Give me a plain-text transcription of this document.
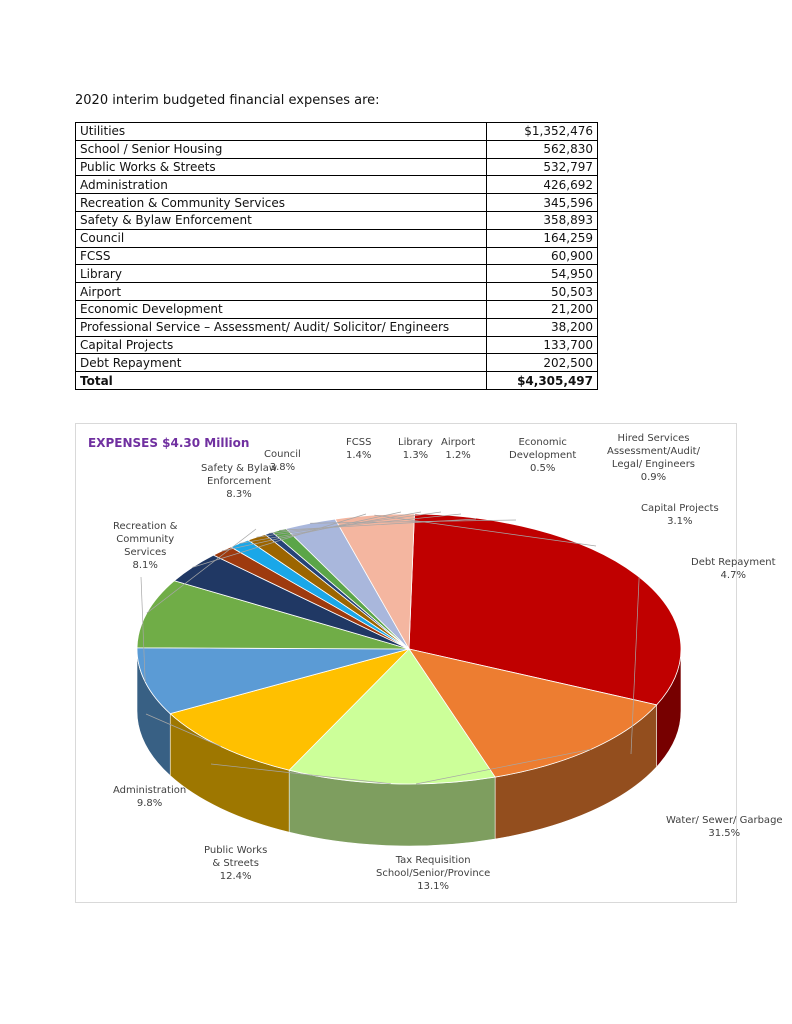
2020 interim budgeted financial expenses are:
Utilities	$1,352,476
School / Senior Housing	562,830
Public Works & Streets	532,797
Administration	426,692
Recreation & Community Services	345,596
Safety & Bylaw Enforcement	358,893
Council	164,259
FCSS	60,900
Library	54,950
Airport	50,503
Economic Development	21,200
Professional Service – Assessment/ Audit/ Solicitor/ Engineers	38,200
Capital Projects	133,700
Debt Repayment	202,500
Total	$4,305,497
EXPENSES $4.30 Million
Water/ Sewer/ Garbage
31.5%
Tax Requisition
School/Senior/Province
13.1%
Public Works
& Streets
12.4%
Administration
9.8%
Recreation &
Community
Services
8.1%
Safety & Bylaw
Enforcement
8.3%
Council
3.8%
FCSS
1.4%
Library
1.3%
Airport
1.2%
Economic
Development
0.5%
Hired Services
Assessment/Audit/
Legal/ Engineers
0.9%
Capital Projects
3.1%
Debt Repayment
4.7%
